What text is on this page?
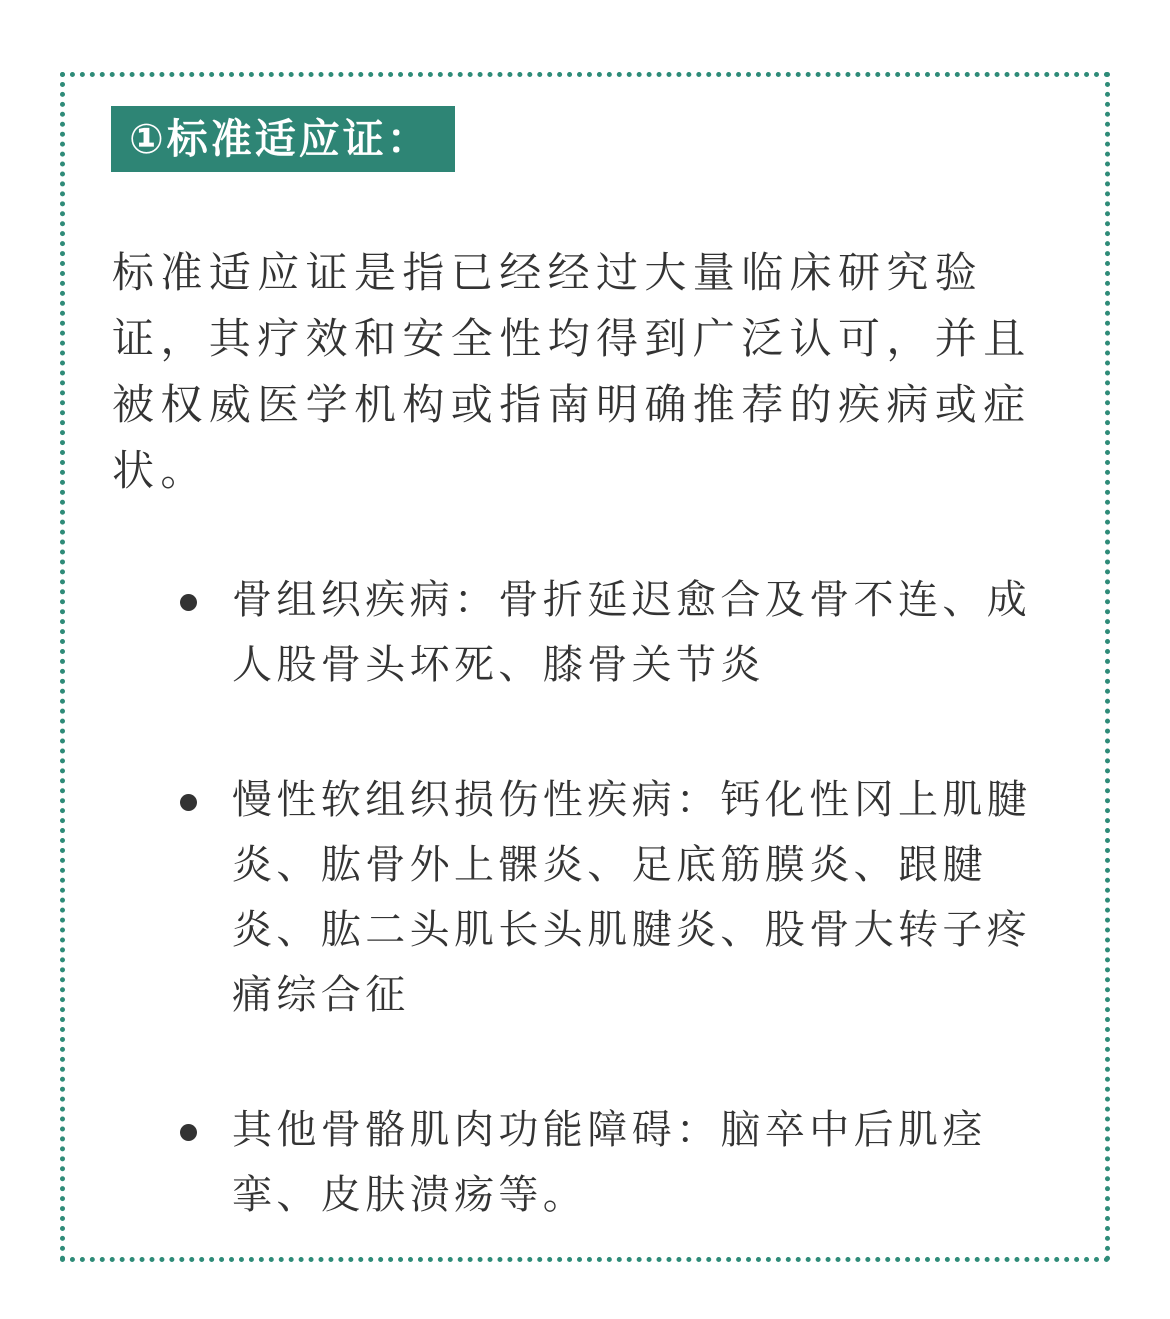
①标准适应证：

标准适应证是指已经经过大量临床研究验证，其疗效和安全性均得到广泛认可，并且被权威医学机构或指南明确推荐的疾病或症状。

骨组织疾病：骨折延迟愈合及骨不连、成人股骨头坏死、膝骨关节炎
慢性软组织损伤性疾病：钙化性冈上肌腱炎、肱骨外上髁炎、足底筋膜炎、跟腱炎、肱二头肌长头肌腱炎、股骨大转子疼痛综合征
其他骨骼肌肉功能障碍：脑卒中后肌痉挛、皮肤溃疡等。
